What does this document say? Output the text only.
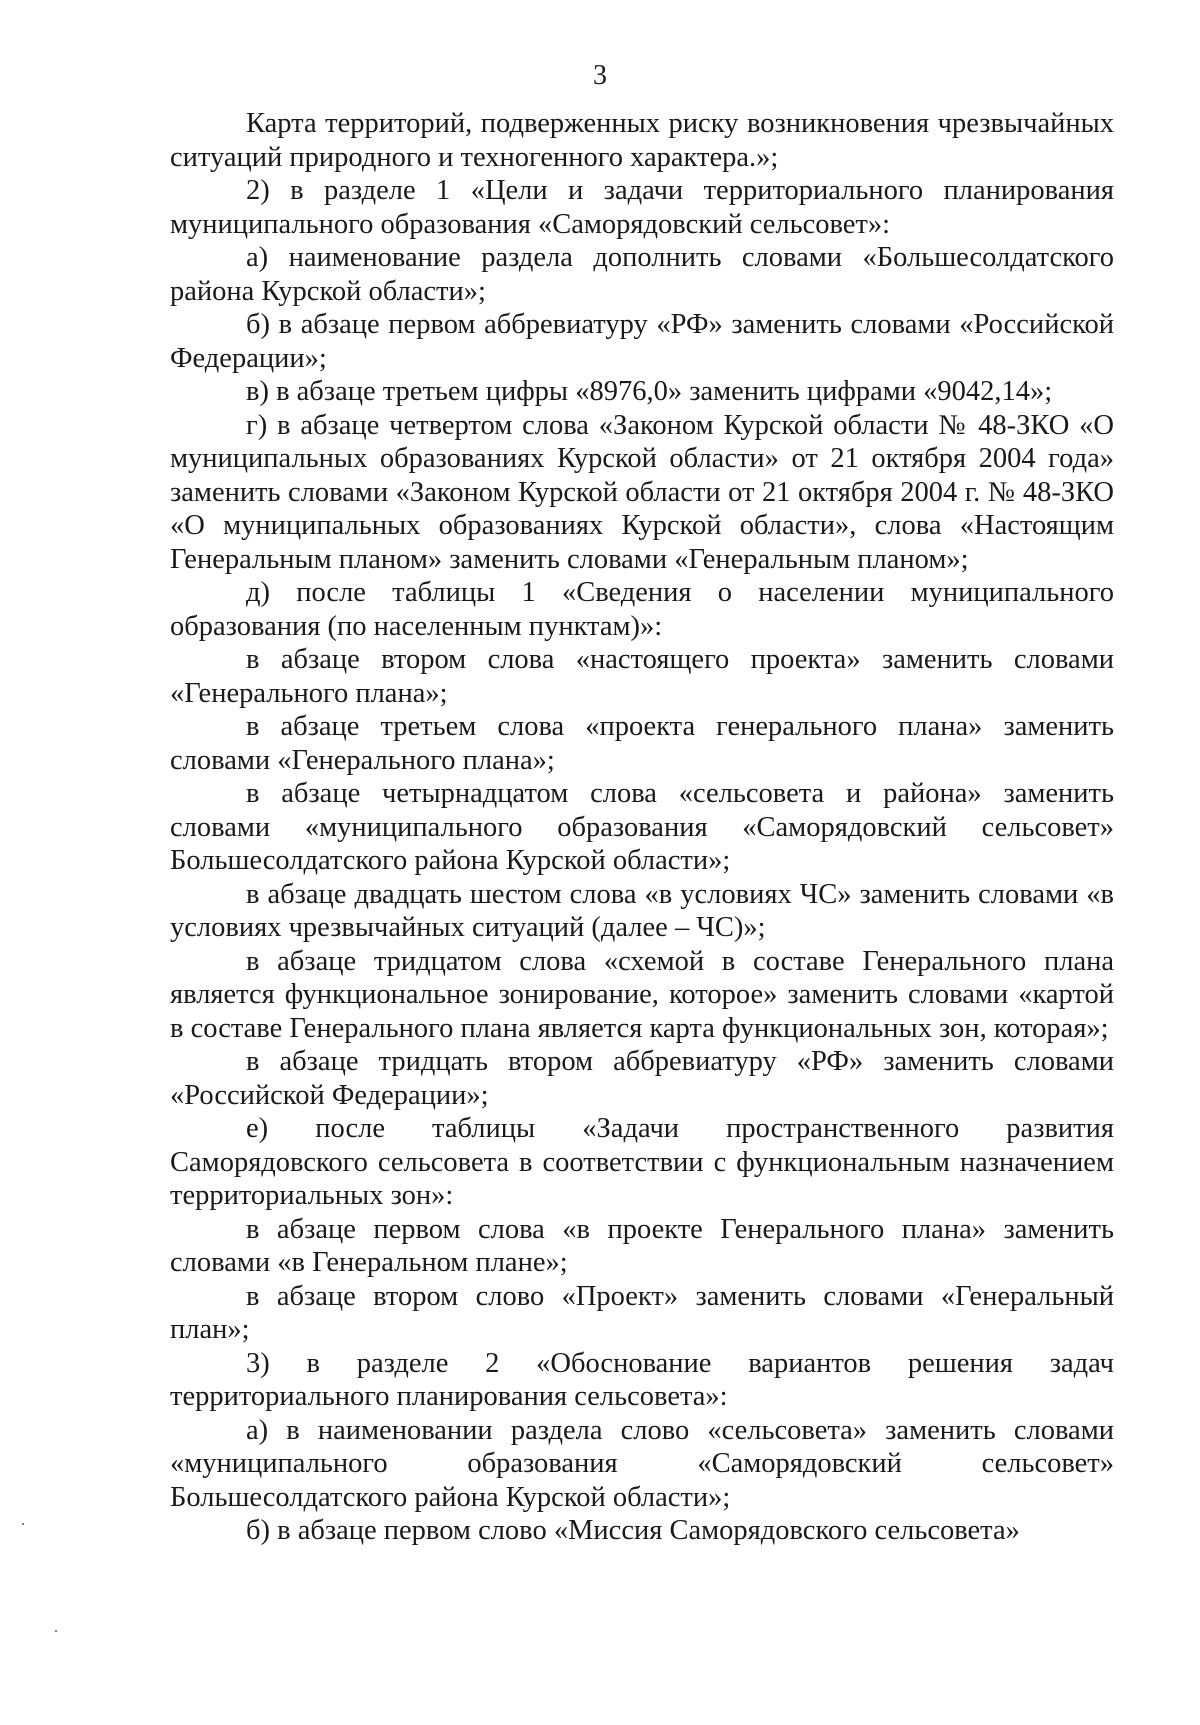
3

Карта территорий, подверженных риску возникновения чрезвычайных ситуаций природного и техногенного характера.»;

2) в разделе 1 «Цели и задачи территориального планирования муниципального образования «Саморядовский сельсовет»:

а) наименование раздела дополнить словами «Большесолдатского района Курской области»;

б) в абзаце первом аббревиатуру «РФ» заменить словами «Российской Федерации»;

в) в абзаце третьем цифры «8976,0» заменить цифрами «9042,14»;

г) в абзаце четвертом слова «Законом Курской области № 48-ЗКО «О муниципальных образованиях Курской области» от 21 октября 2004 года» заменить словами «Законом Курской области от 21 октября 2004 г. № 48-ЗКО «О муниципальных образованиях Курской области», слова «Настоящим Генеральным планом» заменить словами «Генеральным планом»;

д) после таблицы 1 «Сведения о населении муниципального образования (по населенным пунктам)»:

в абзаце втором слова «настоящего проекта» заменить словами «Генерального плана»;

в абзаце третьем слова «проекта генерального плана» заменить словами «Генерального плана»;

в абзаце четырнадцатом слова «сельсовета и района» заменить словами «муниципального образования «Саморядовский сельсовет» Большесолдатского района Курской области»;

в абзаце двадцать шестом слова «в условиях ЧС» заменить словами «в условиях чрезвычайных ситуаций (далее – ЧС)»;

в абзаце тридцатом слова «схемой в составе Генерального плана является функциональное зонирование, которое» заменить словами «картой в составе Генерального плана является карта функциональных зон, которая»;

в абзаце тридцать втором аббревиатуру «РФ» заменить словами «Российской Федерации»;

е) после таблицы «Задачи пространственного развития Саморядовского сельсовета в соответствии с функциональным назначением территориальных зон»:

в абзаце первом слова «в проекте Генерального плана» заменить словами «в Генеральном плане»;

в абзаце втором слово «Проект» заменить словами «Генеральный план»;

3) в разделе 2 «Обоснование вариантов решения задач территориального планирования сельсовета»:

а) в наименовании раздела слово «сельсовета» заменить словами «муниципального образования «Саморядовский сельсовет» Большесолдатского района Курской области»;

б) в абзаце первом слово «Миссия Саморядовского сельсовета»
